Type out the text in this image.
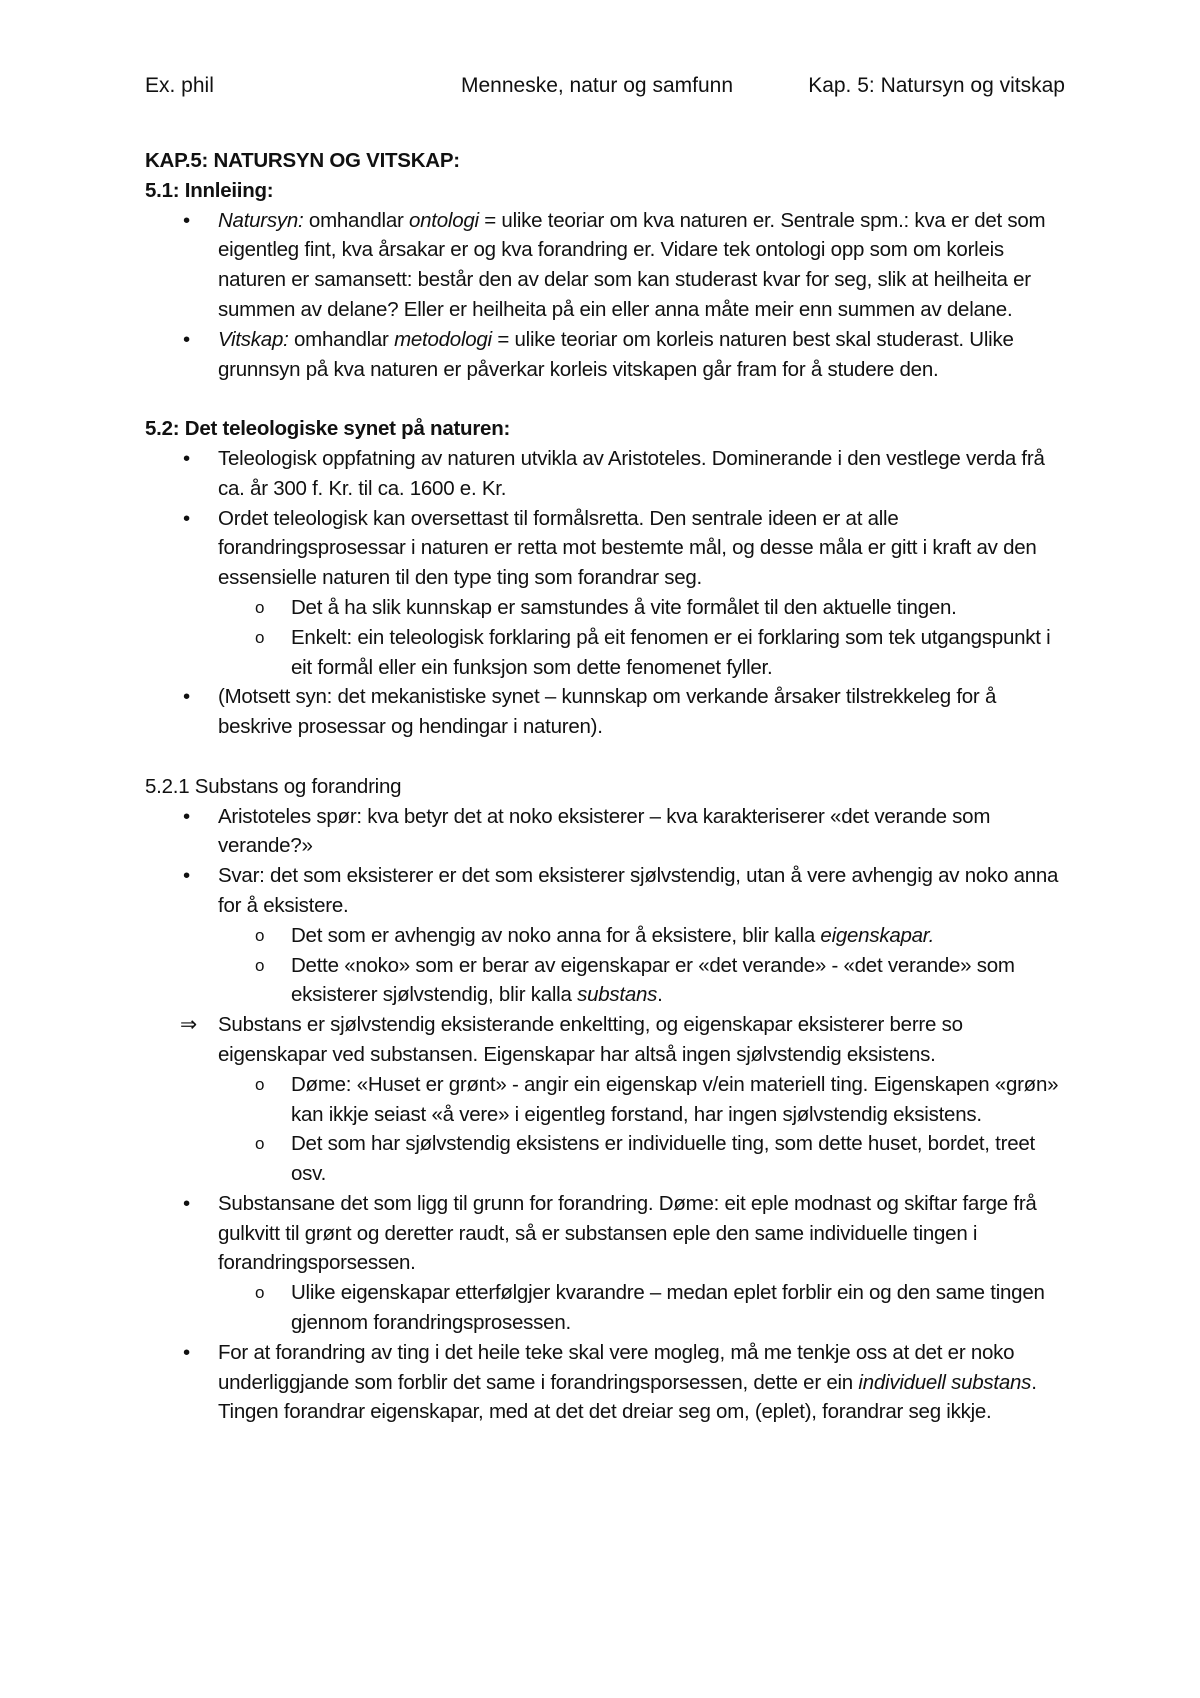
Ex. phil	Menneske, natur og samfunn	Kap. 5: Natursyn og vitskap
KAP.5: NATURSYN OG VITSKAP:
5.1: Innleiing:
•	Natursyn: omhandlar ontologi = ulike teoriar om kva naturen er. Sentrale spm.: kva er det som eigentleg fint, kva årsakar er og kva forandring er. Vidare tek ontologi opp som om korleis naturen er samansett: består den av delar som kan studerast kvar for seg, slik at heilheita er summen av delane? Eller er heilheita på ein eller anna måte meir enn summen av delane.
•	Vitskap: omhandlar metodologi = ulike teoriar om korleis naturen best skal studerast. Ulike grunnsyn på kva naturen er påverkar korleis vitskapen går fram for å studere den.
5.2: Det teleologiske synet på naturen:
•	Teleologisk oppfatning av naturen utvikla av Aristoteles. Dominerande i den vestlege verda frå ca. år 300 f. Kr. til ca. 1600 e. Kr.
•	Ordet teleologisk kan oversettast til formålsretta. Den sentrale ideen er at alle forandringsprosessar i naturen er retta mot bestemte mål, og desse måla er gitt i kraft av den essensielle naturen til den type ting som forandrar seg.
o Det å ha slik kunnskap er samstundes å vite formålet til den aktuelle tingen.
o Enkelt: ein teleologisk forklaring på eit fenomen er ei forklaring som tek utgangspunkt i eit formål eller ein funksjon som dette fenomenet fyller.
•	(Motsett syn: det mekanistiske synet – kunnskap om verkande årsaker tilstrekkeleg for å beskrive prosessar og hendingar i naturen).
5.2.1 Substans og forandring
•	Aristoteles spør: kva betyr det at noko eksisterer – kva karakteriserer «det verande som verande?»
•	Svar: det som eksisterer er det som eksisterer sjølvstendig, utan å vere avhengig av noko anna for å eksistere.
o Det som er avhengig av noko anna for å eksistere, blir kalla eigenskapar.
o Dette «noko» som er berar av eigenskapar er «det verande» - «det verande» som eksisterer sjølvstendig, blir kalla substans.
⇒ Substans er sjølvstendig eksisterande enkeltting, og eigenskapar eksisterer berre so eigenskapar ved substansen. Eigenskapar har altså ingen sjølvstendig eksistens.
o Døme: «Huset er grønt» - angir ein eigenskap v/ein materiell ting. Eigenskapen «grøn» kan ikkje seiast «å vere» i eigentleg forstand, har ingen sjølvstendig eksistens.
o Det som har sjølvstendig eksistens er individuelle ting, som dette huset, bordet, treet osv.
•	Substansane det som ligg til grunn for forandring. Døme: eit eple modnast og skiftar farge frå gulkvitt til grønt og deretter raudt, så er substansen eple den same individuelle tingen i forandringsporsessen.
o Ulike eigenskapar etterfølgjer kvarandre – medan eplet forblir ein og den same tingen gjennom forandringsprosessen.
•	For at forandring av ting i det heile teke skal vere mogleg, må me tenkje oss at det er noko underliggjande som forblir det same i forandringsporsessen, dette er ein individuell substans. Tingen forandrar eigenskapar, med at det det dreiar seg om, (eplet), forandrar seg ikkje.
